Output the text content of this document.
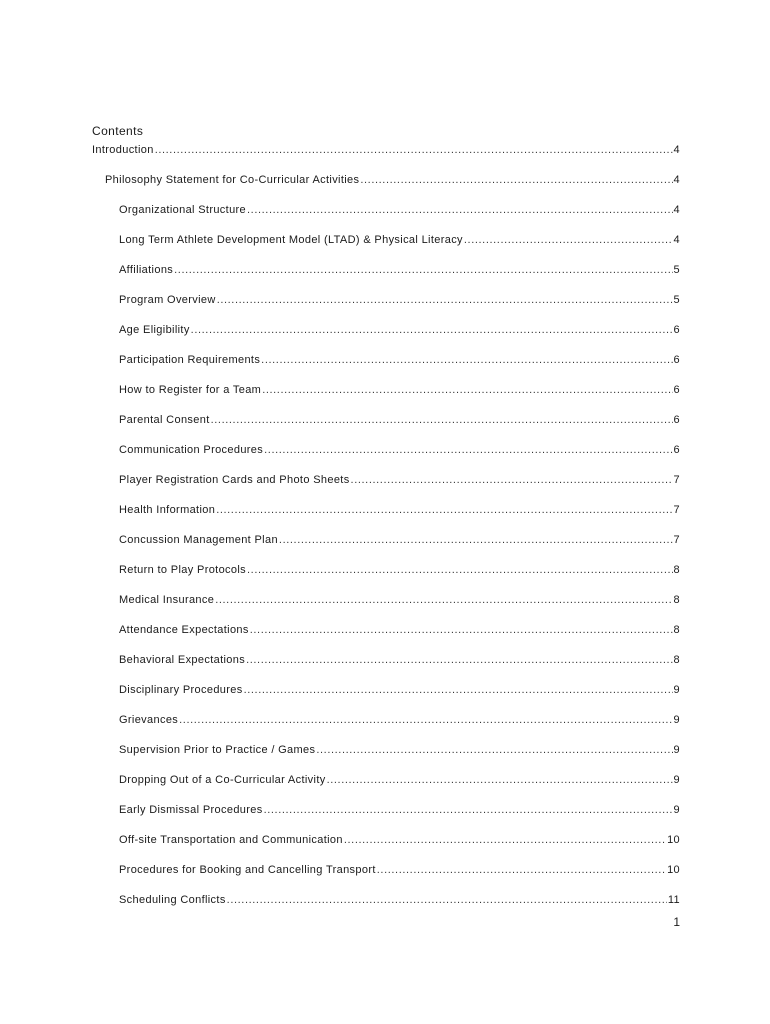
Contents
Introduction .....	4
Philosophy Statement for Co-Curricular Activities .....	4
Organizational Structure .....	4
Long Term Athlete Development Model (LTAD) & Physical Literacy .....	4
Affiliations .....	5
Program Overview .....	5
Age Eligibility .....	6
Participation Requirements .....	6
How to Register for a Team .....	6
Parental Consent .....	6
Communication Procedures .....	6
Player Registration Cards and Photo Sheets .....	7
Health Information .....	7
Concussion Management Plan .....	7
Return to Play Protocols .....	8
Medical Insurance .....	8
Attendance Expectations .....	8
Behavioral Expectations .....	8
Disciplinary Procedures .....	9
Grievances .....	9
Supervision Prior to Practice / Games .....	9
Dropping Out of a Co-Curricular Activity .....	9
Early Dismissal Procedures .....	9
Off-site Transportation and Communication .....	10
Procedures for Booking and Cancelling Transport .....	10
Scheduling Conflicts .....	11
1
